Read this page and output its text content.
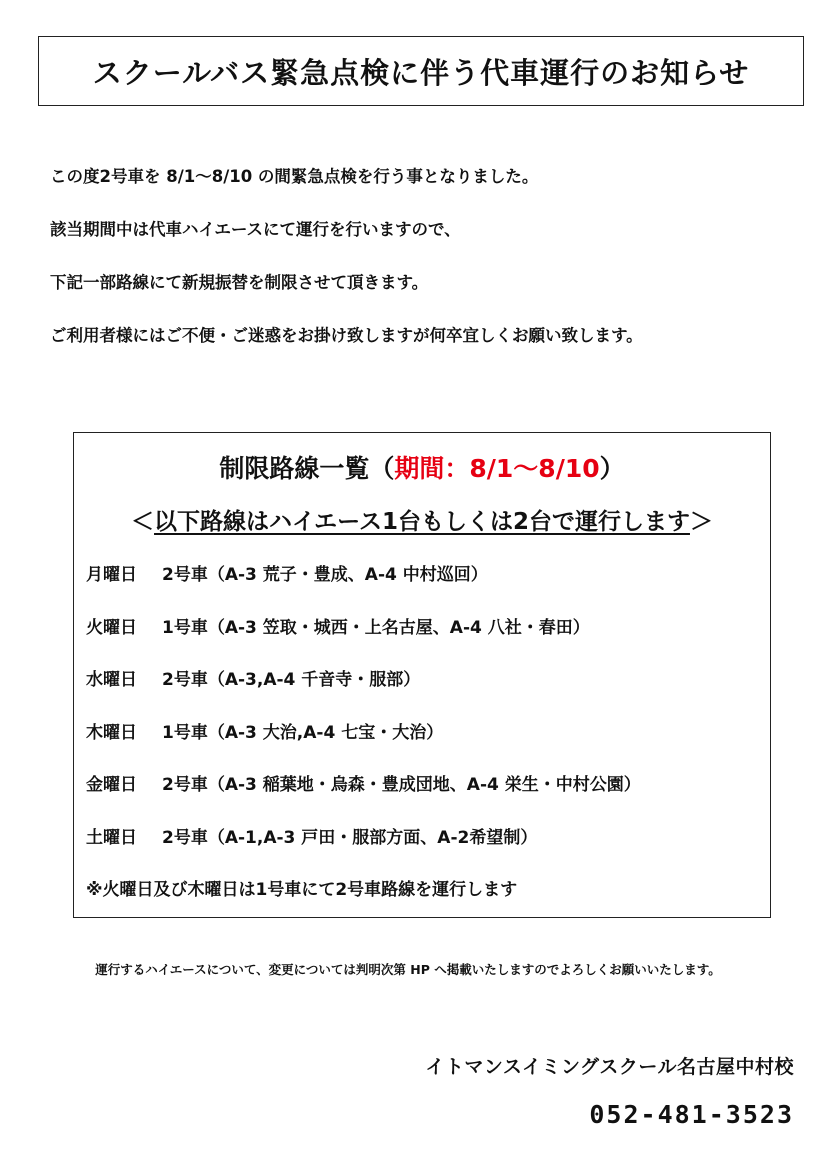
スクールバス緊急点検に伴う代車運行のお知らせ
この度2号車を 8/1～8/10 の間緊急点検を行う事となりました。
該当期間中は代車ハイエースにて運行を行いますので、
下記一部路線にて新規振替を制限させて頂きます。
ご利用者様にはご不便・ご迷惑をお掛け致しますが何卒宜しくお願い致します。
制限路線一覧（期間：8/1～8/10）
＜以下路線はハイエース1台もしくは2台で運行します＞
月曜日 2号車（A-3 荒子・豊成、A-4 中村巡回）
火曜日 1号車（A-3 笠取・城西・上名古屋、A-4 八社・春田）
水曜日 2号車（A-3,A-4 千音寺・服部）
木曜日 1号車（A-3 大治,A-4 七宝・大治）
金曜日 2号車（A-3 稲葉地・烏森・豊成団地、A-4 栄生・中村公園）
土曜日 2号車（A-1,A-3 戸田・服部方面、A-2希望制）
※火曜日及び木曜日は1号車にて2号車路線を運行します
運行するハイエースについて、変更については判明次第 HP へ掲載いたしますのでよろしくお願いいたします。
イトマンスイミングスクール名古屋中村校
052-481-3523
